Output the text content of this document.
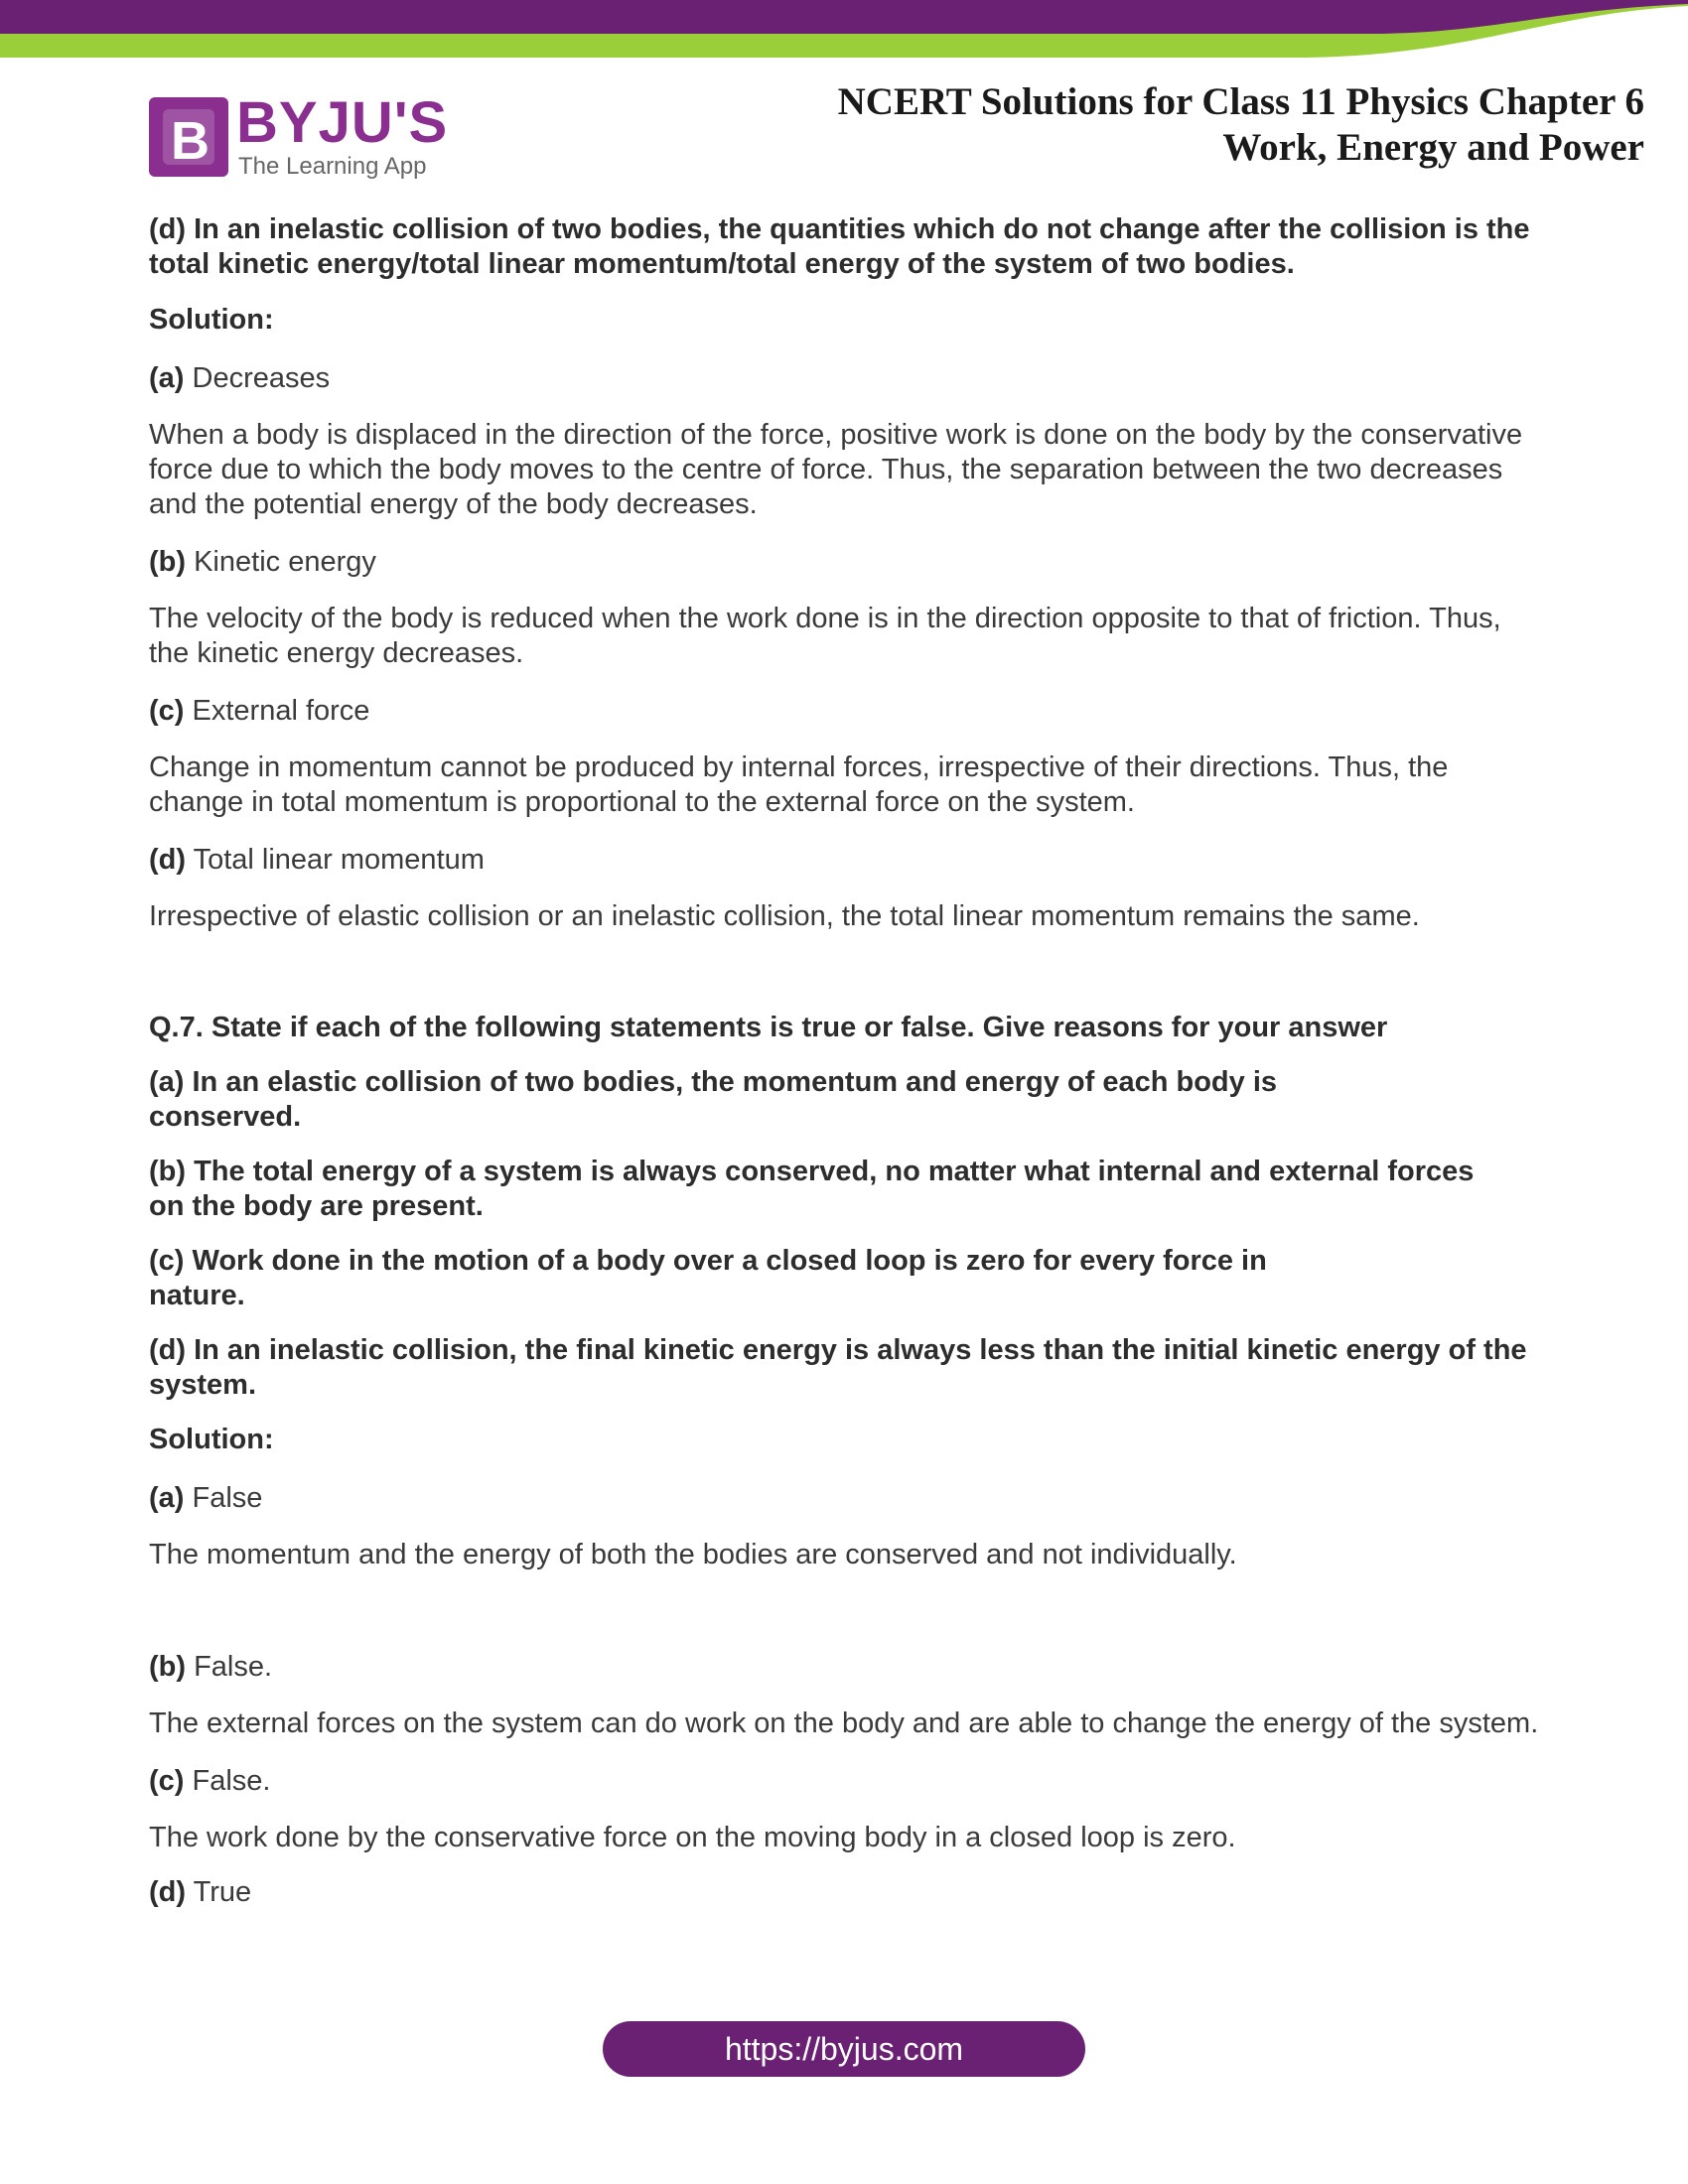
B BYJU'S
The Learning App
NCERT Solutions for Class 11 Physics Chapter 6
Work, Energy and Power

(d) In an inelastic collision of two bodies, the quantities which do not change after the collision is the total kinetic energy/total linear momentum/total energy of the system of two bodies.

Solution:

(a) Decreases

When a body is displaced in the direction of the force, positive work is done on the body by the conservative force due to which the body moves to the centre of force. Thus, the separation between the two decreases and the potential energy of the body decreases.

(b) Kinetic energy

The velocity of the body is reduced when the work done is in the direction opposite to that of friction. Thus, the kinetic energy decreases.

(c) External force

Change in momentum cannot be produced by internal forces, irrespective of their directions. Thus, the change in total momentum is proportional to the external force on the system.

(d) Total linear momentum

Irrespective of elastic collision or an inelastic collision, the total linear momentum remains the same.

Q.7. State if each of the following statements is true or false. Give reasons for your answer

(a) In an elastic collision of two bodies, the momentum and energy of each body is
conserved.

(b) The total energy of a system is always conserved, no matter what internal and external forces on the body are present.

(c) Work done in the motion of a body over a closed loop is zero for every force in
nature.

(d) In an inelastic collision, the final kinetic energy is always less than the initial kinetic energy of the system.

Solution:

(a) False

The momentum and the energy of both the bodies are conserved and not individually.

(b) False.

The external forces on the system can do work on the body and are able to change the energy of the system.

(c) False.

The work done by the conservative force on the moving body in a closed loop is zero.

(d) True

https://byjus.com
